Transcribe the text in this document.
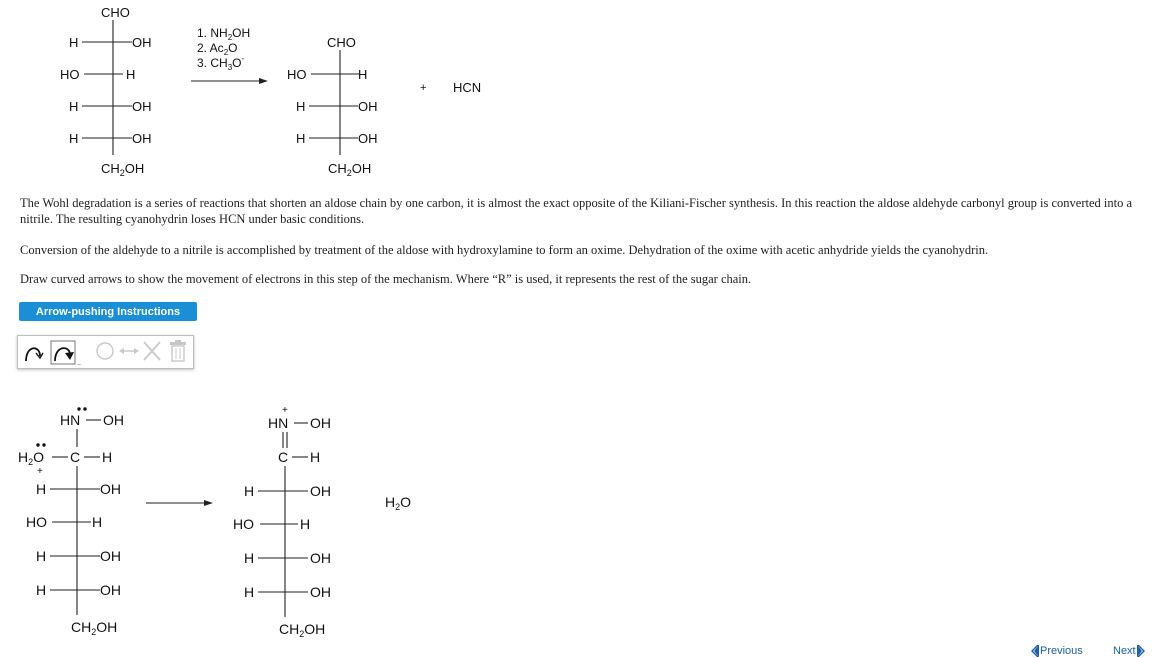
CHO
H	OH
HO	H
H	OH
H	OH
$CH_2OH$
1. $NH_2OH$
2. $Ac_2O$
3. $CH_3O^-$
CHO
HO	H
H	OH
H	OH
$CH_2OH$
+ HCN

The Wohl degradation is a series of reactions that shorten an aldose chain by one carbon, it is almost the exact opposite of the Kiliani-Fischer synthesis. In this reaction the aldose aldehyde carbonyl group is converted into a nitrile. The resulting cyanohydrin loses HCN under basic conditions.

Conversion of the aldehyde to a nitrile is accomplished by treatment of the aldose with hydroxylamine to form an oxime. Dehydration of the oxime with acetic anhydride yields the cyanohydrin.

Draw curved arrows to show the movement of electrons in this step of the mechanism. Where “R” is used, it represents the rest of the sugar chain.

Arrow-pushing Instructions
..
HN OH
$H_2O$
+
C H
H	OH
HO	H
H	OH
H	OH
$CH_2OH$
HN
+
OH
C H
H	OH
HO	H
H	OH
H	OH
$CH_2OH$
$H_2O$
Previous	Next
